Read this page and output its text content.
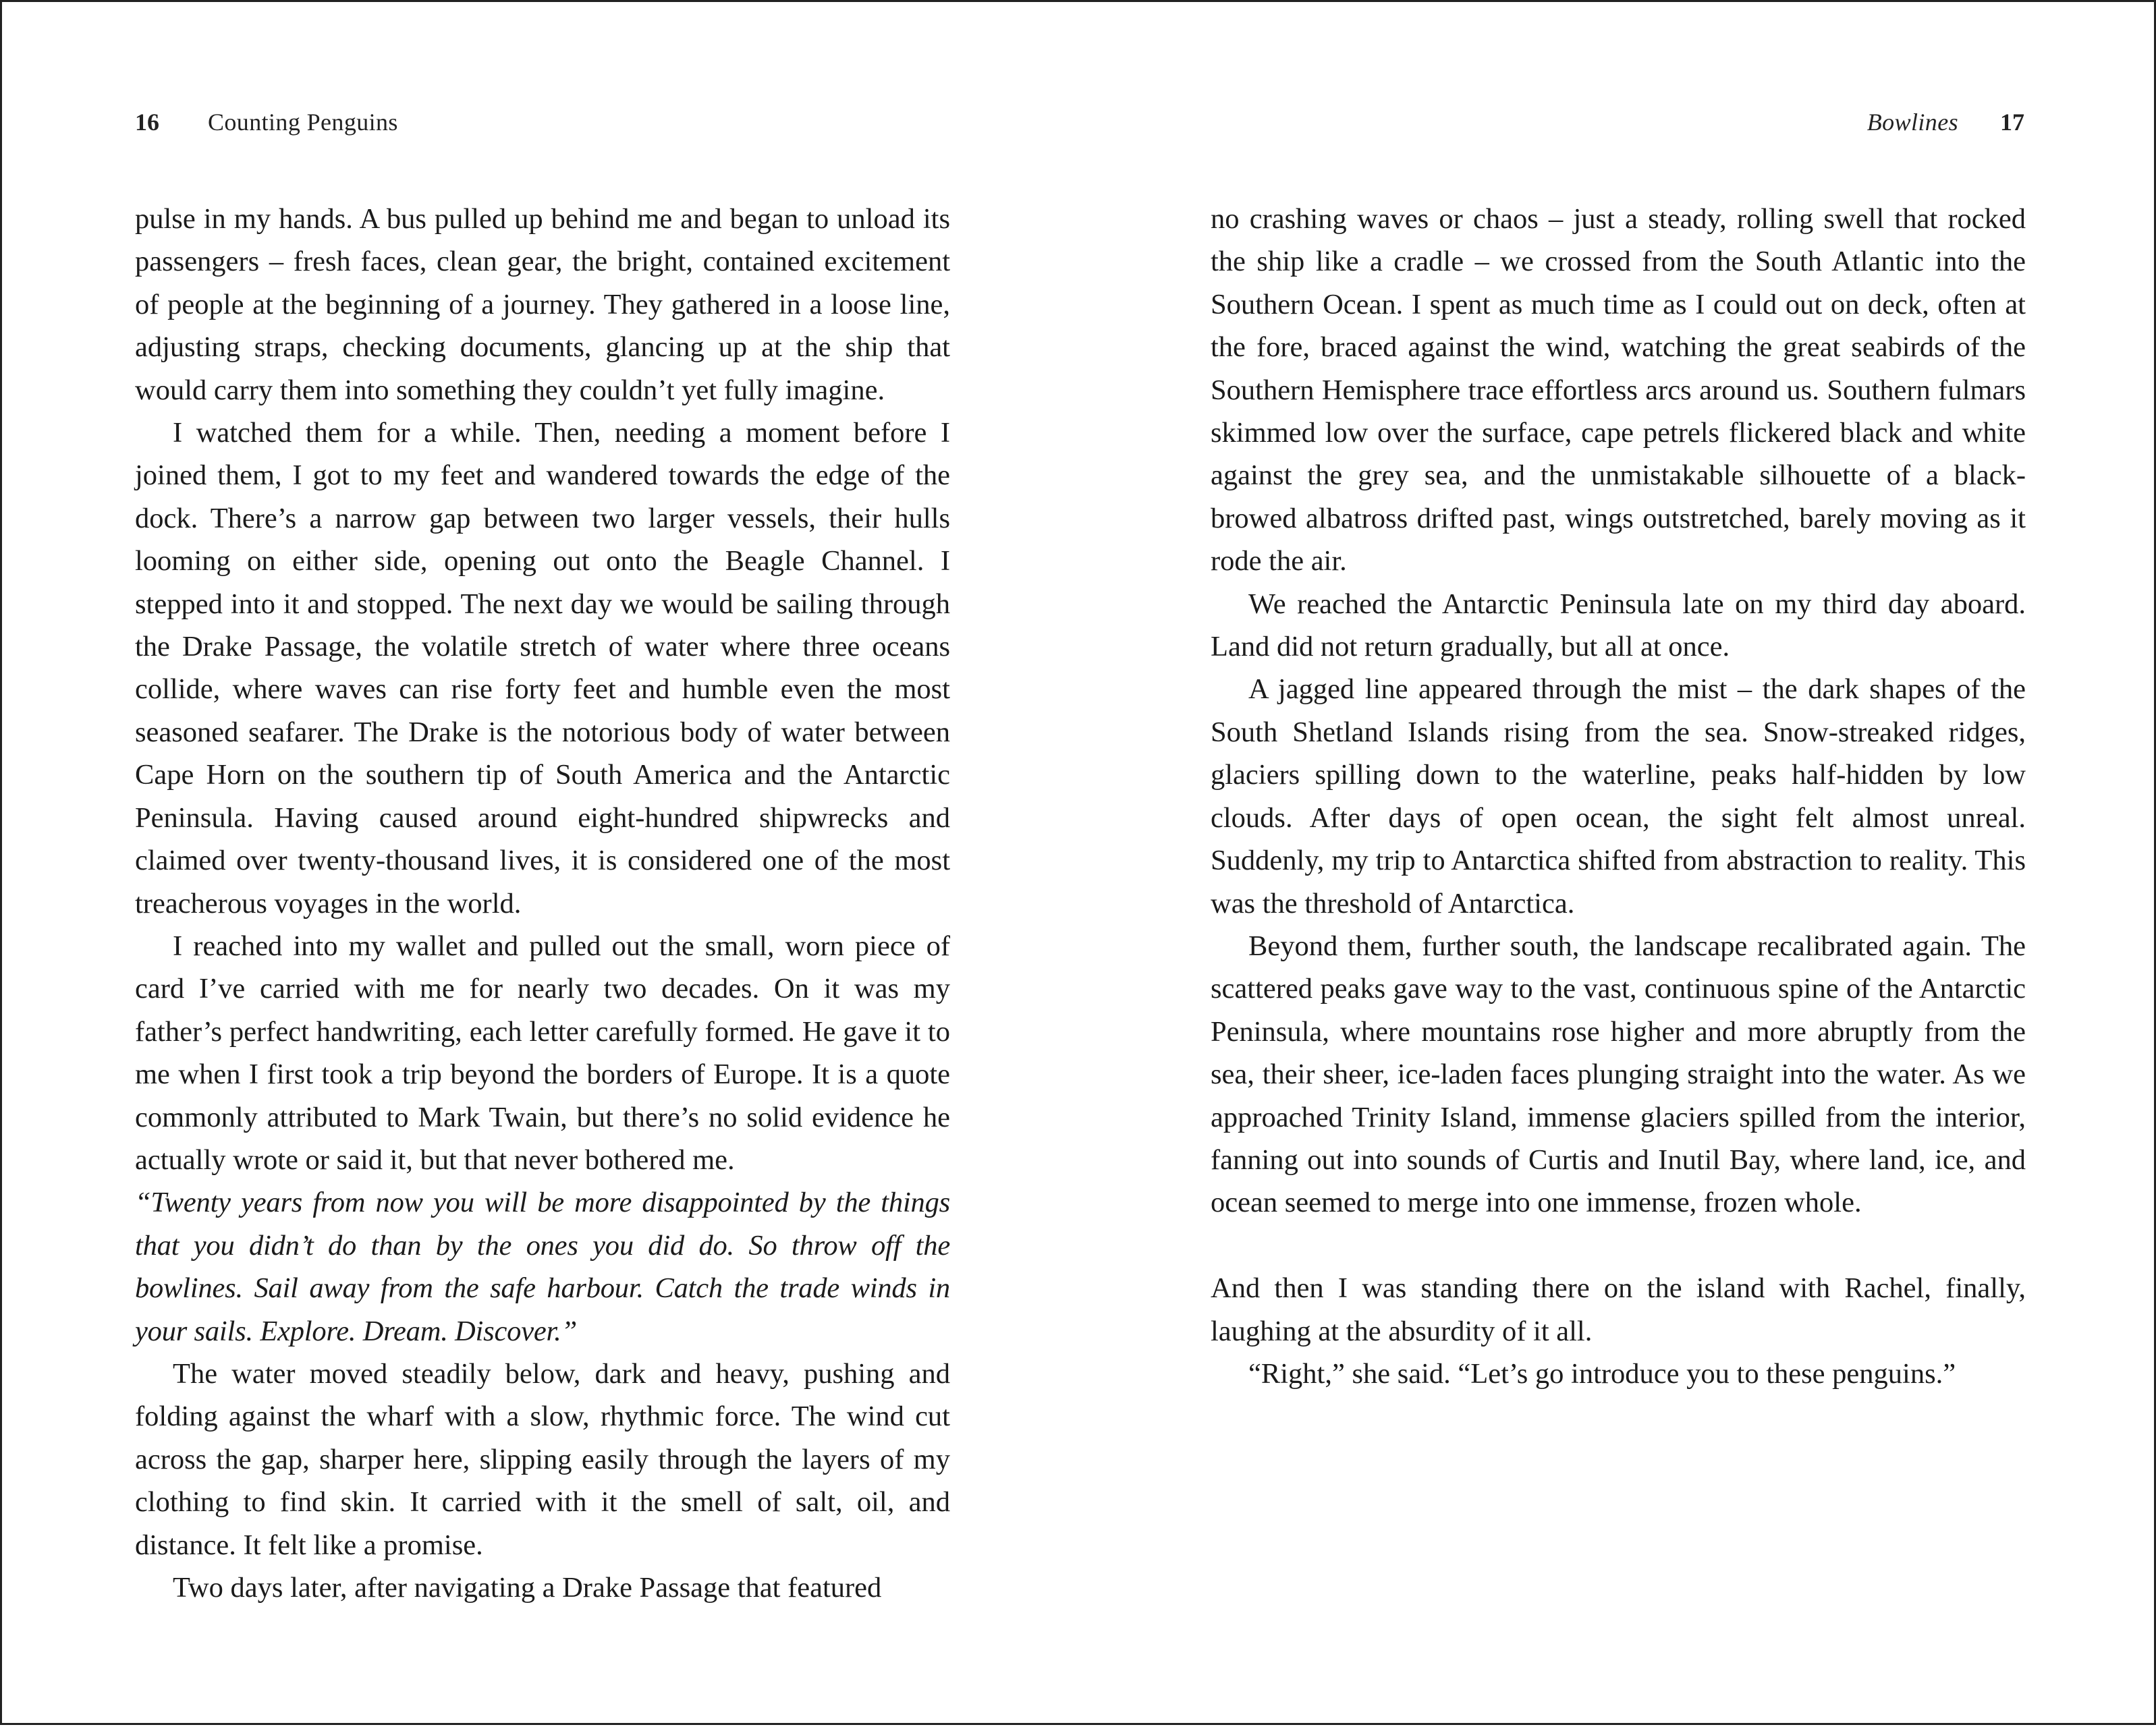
16 Counting Penguins

pulse in my hands. A bus pulled up behind me and began to unload its passengers – fresh faces, clean gear, the bright, contained excitement of people at the beginning of a journey. They gathered in a loose line, adjusting straps, checking documents, glancing up at the ship that would carry them into something they couldn’t yet fully imagine.

I watched them for a while. Then, needing a moment before I joined them, I got to my feet and wandered towards the edge of the dock. There’s a narrow gap between two larger vessels, their hulls looming on either side, opening out onto the Beagle Channel. I stepped into it and stopped. The next day we would be sailing through the Drake Passage, the volatile stretch of water where three oceans collide, where waves can rise forty feet and humble even the most seasoned seafarer. The Drake is the notorious body of water between Cape Horn on the southern tip of South America and the Antarctic Peninsula. Having caused around eight-hundred shipwrecks and claimed over twenty-thousand lives, it is considered one of the most treacherous voyages in the world.

I reached into my wallet and pulled out the small, worn piece of card I’ve carried with me for nearly two decades. On it was my father’s perfect handwriting, each letter carefully formed. He gave it to me when I first took a trip beyond the borders of Europe. It is a quote commonly attributed to Mark Twain, but there’s no solid evidence he actually wrote or said it, but that never bothered me.

“Twenty years from now you will be more disappointed by the things that you didn’t do than by the ones you did do. So throw off the bowlines. Sail away from the safe harbour. Catch the trade winds in your sails. Explore. Dream. Discover.”

The water moved steadily below, dark and heavy, pushing and folding against the wharf with a slow, rhythmic force. The wind cut across the gap, sharper here, slipping easily through the layers of my clothing to find skin. It carried with it the smell of salt, oil, and distance. It felt like a promise.

Two days later, after navigating a Drake Passage that featured

Bowlines 17

no crashing waves or chaos – just a steady, rolling swell that rocked the ship like a cradle – we crossed from the South Atlantic into the Southern Ocean. I spent as much time as I could out on deck, often at the fore, braced against the wind, watching the great seabirds of the Southern Hemisphere trace effortless arcs around us. Southern fulmars skimmed low over the surface, cape petrels flickered black and white against the grey sea, and the unmistakable silhouette of a black-browed albatross drifted past, wings outstretched, barely moving as it rode the air.

We reached the Antarctic Peninsula late on my third day aboard. Land did not return gradually, but all at once.

A jagged line appeared through the mist – the dark shapes of the South Shetland Islands rising from the sea. Snow-streaked ridges, glaciers spilling down to the waterline, peaks half-hidden by low clouds. After days of open ocean, the sight felt almost unreal. Suddenly, my trip to Antarctica shifted from abstraction to reality. This was the threshold of Antarctica.

Beyond them, further south, the landscape recalibrated again. The scattered peaks gave way to the vast, continuous spine of the Antarctic Peninsula, where mountains rose higher and more abruptly from the sea, their sheer, ice-laden faces plunging straight into the water. As we approached Trinity Island, immense glaciers spilled from the interior, fanning out into sounds of Curtis and Inutil Bay, where land, ice, and ocean seemed to merge into one immense, frozen whole.

And then I was standing there on the island with Rachel, finally, laughing at the absurdity of it all.

“Right,” she said. “Let’s go introduce you to these penguins.”
